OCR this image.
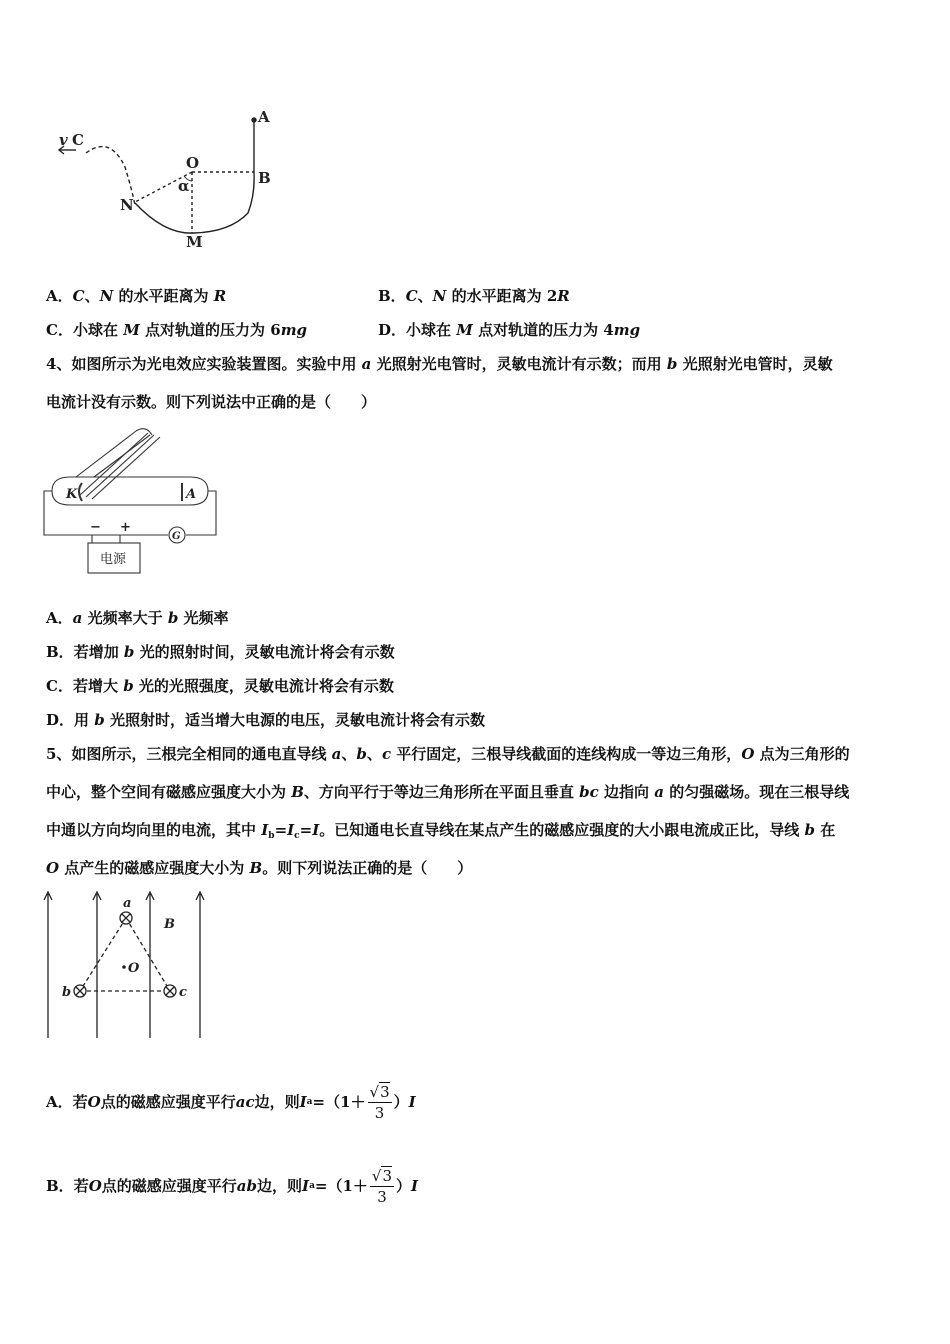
v C
A
O
B
α
N
M
A．C、N 的水平距离为 R	B．C、N 的水平距离为 2R
C．小球在 M 点对轨道的压力为 6mg	D．小球在 M 点对轨道的压力为 4mg
4、如图所示为光电效应实验装置图。实验中用 a 光照射光电管时，灵敏电流计有示数；而用 b 光照射光电管时，灵敏
电流计没有示数。则下列说法中正确的是（　　）
K	A
− +
G
电源
A．a 光频率大于 b 光频率
B．若增加 b 光的照射时间，灵敏电流计将会有示数
C．若增大 b 光的光照强度，灵敏电流计将会有示数
D．用 b 光照射时，适当增大电源的电压，灵敏电流计将会有示数
5、如图所示，三根完全相同的通电直导线 a、b、c 平行固定，三根导线截面的连线构成一等边三角形，O 点为三角形的
中心，整个空间有磁感应强度大小为 B、方向平行于等边三角形所在平面且垂直 bc 边指向 a 的匀强磁场。现在三根导线
中通以方向均向里的电流，其中 $I_b=I_c=I$。已知通电长直导线在某点产生的磁感应强度的大小跟电流成正比，导线 b 在
O 点产生的磁感应强度大小为 B。则下列说法正确的是（　　）
a
b	c
O
B
A． 若 O 点的磁感应强度平行 ac 边，则 I $a =(1+ \frac{√3}{3}$ ） I
B． 若 O 点的磁感应强度平行 ab 边，则 I $a =(1+ \frac{√3}{3}$ ） I
